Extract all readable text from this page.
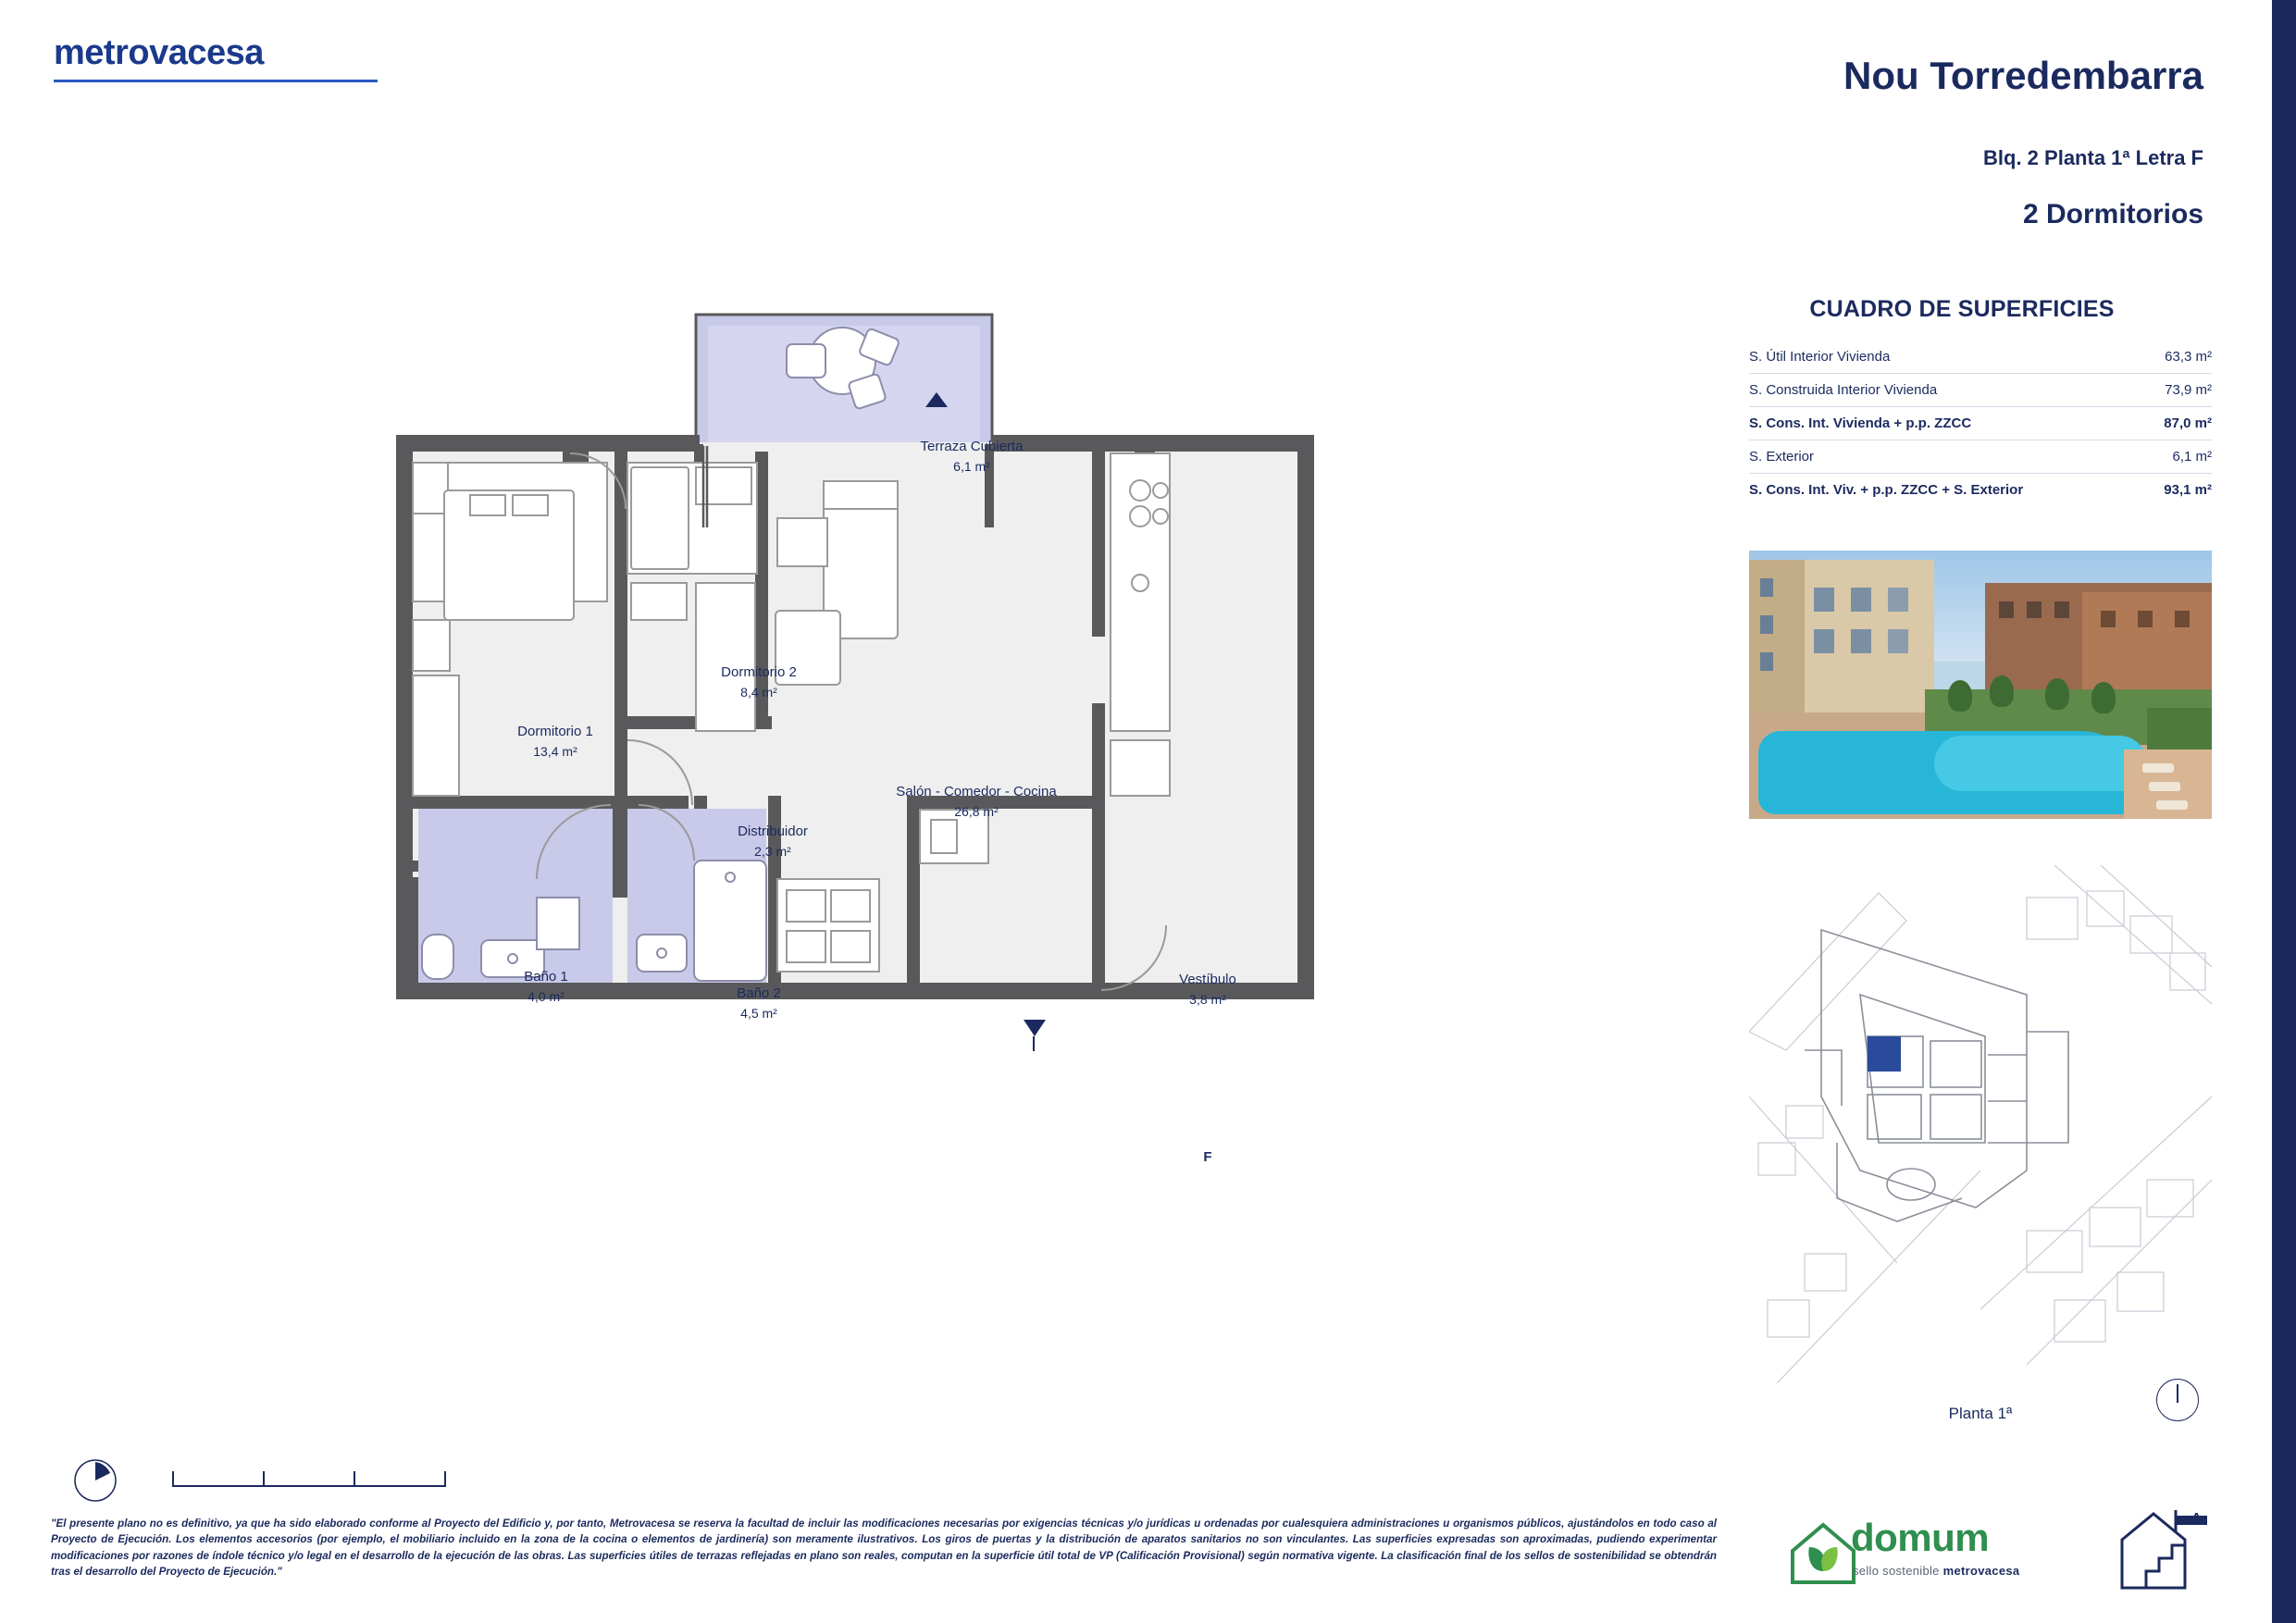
metrovacesa
Nou Torredembarra
Blq. 2 Planta 1ª Letra F
2 Dormitorios
CUADRO DE SUPERFICIES
S. Útil Interior Vivienda	63,3 m²
S. Construida Interior Vivienda	73,9 m²
S. Cons. Int. Vivienda + p.p. ZZCC	87,0 m²
S. Exterior	6,1 m²
S. Cons. Int. Viv. + p.p. ZZCC + S. Exterior	93,1 m²
Planta 1ª
Terraza Cubierta
6,1 m²
Dormitorio 2
8,4 m²
Dormitorio 1
13,4 m²
Salón - Comedor - Cocina
26,8 m²
Distribuidor
2,3 m²
Baño 1
4,0 m²	Baño 2
4,5 m²
Vestíbulo
3,8 m²
F
"El presente plano no es definitivo, ya que ha sido elaborado conforme al Proyecto del Edificio y, por tanto, Metrovacesa se reserva la facultad de incluir las modificaciones necesarias por exigencias técnicas y/o jurídicas u ordenadas por cualesquiera administraciones u organismos públicos, ajustándolos en todo caso al Proyecto de Ejecución. Los elementos accesorios (por ejemplo, el mobiliario incluido en la zona de la cocina o elementos de jardinería) son meramente ilustrativos. Los giros de puertas y la distribución de aparatos sanitarios no son vinculantes. Las superficies expresadas son aproximadas, pudiendo experimentar modificaciones por razones de índole técnico y/o legal en el desarrollo de la ejecución de las obras. Las superficies útiles de terrazas reflejadas en plano son reales, computan en la superficie útil total de VP (Calificación Provisional) según normativa vigente. La clasificación final de los sellos de sostenibilidad se obtendrán tras el desarrollo del Proyecto de Ejecución."
domum
sello sostenible metrovacesa
A
